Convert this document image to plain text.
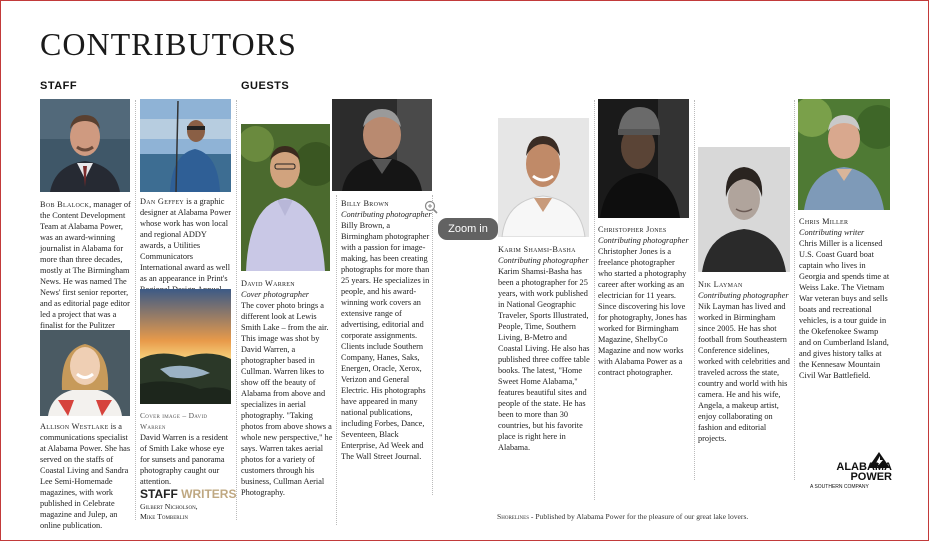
CONTRIBUTORS
STAFF	GUESTS
Bob Blalock, manager of the Content Development Team at Alabama Power, was an award-winning journalist in Alabama for more than three decades, mostly at The Birmingham News. He was named The News' first senior reporter, and as editorial page editor led a project that was a finalist for the Pulitzer
Dan Geffey is a graphic designer at Alabama Power whose work has won local and regional ADDY awards, a Utilities Communicators International award as well as an appearance in Print's
Allison Westlake is a communications specialist at Alabama Power. She has served on the staffs of Coastal Living and Sandra Lee Semi-Homemade magazines, with work published in Celebrate magazine and Julep, an online publication.
Cover image – David Warren
David Warren is a resident of Smith Lake whose eye for sunsets and panorama photography caught our attention.
STAFF WRITERS
Gilbert Nicholson,
Mike Tomberlin
David Warren
Cover photographer
The cover photo brings a different look at Lewis Smith Lake – from the air. This image was shot by David Warren, a photographer based in Cullman. Warren likes to show off the beauty of Alabama from above and specializes in aerial photography. "Taking photos from above shows a whole new perspective," he says. Warren takes aerial photos for a variety of customers through his business, Cullman Aerial Photography.
Billy Brown
Contributing photographer
Billy Brown, a Birmingham photographer with a passion for image-making, has been creating photographs for more than 25 years. He specializes in people, and his award-winning work covers an extensive range of advertising, editorial and corporate assignments. Clients include Southern Company, Hanes, Saks, Energen, Oracle, Xerox, Verizon and General Electric. His photographs have appeared in many national publications, including Forbes, Dance, Seventeen, Black Enterprise, Ad Week and The Wall Street Journal.
Zoom in
Karim Shamsi-Basha
Contributing photographer
Karim Shamsi-Basha has been a photographer for 25 years, with work published in National Geographic Traveler, Sports Illustrated, People, Time, Southern Living, B-Metro and Coastal Living. He also has published three coffee table books. The latest, "Home Sweet Home Alabama," features beautiful sites and people of the state. He has been to more than 30 countries, but his favorite place is right here in Alabama.
Christopher Jones
Contributing photographer
Christopher Jones is a freelance photographer who started a photography career after working as an electrician for 11 years. Since discovering his love for photography, Jones has worked for Birmingham Magazine, ShelbyCo Magazine and now works with Alabama Power as a contract photographer.
Nik Layman
Contributing photographer
Nik Layman has lived and worked in Birmingham since 2005. He has shot football from Southeastern Conference sidelines, worked with celebrities and traveled across the state, country and world with his camera. He and his wife, Angela, a makeup artist, enjoy collaborating on fashion and editorial projects.
Chris Miller
Contributing writer
Chris Miller is a licensed U.S. Coast Guard boat captain who lives in Georgia and spends time at Weiss Lake. The Vietnam War veteran buys and sells boats and recreational vehicles, is a tour guide in the Okefenokee Swamp and on Cumberland Island, and gives history talks at the Kennesaw Mountain Civil War Battlefield.
ALABAMA
POWER
A SOUTHERN COMPANY
Shorelines - Published by Alabama Power for the pleasure of our great lake lovers.
